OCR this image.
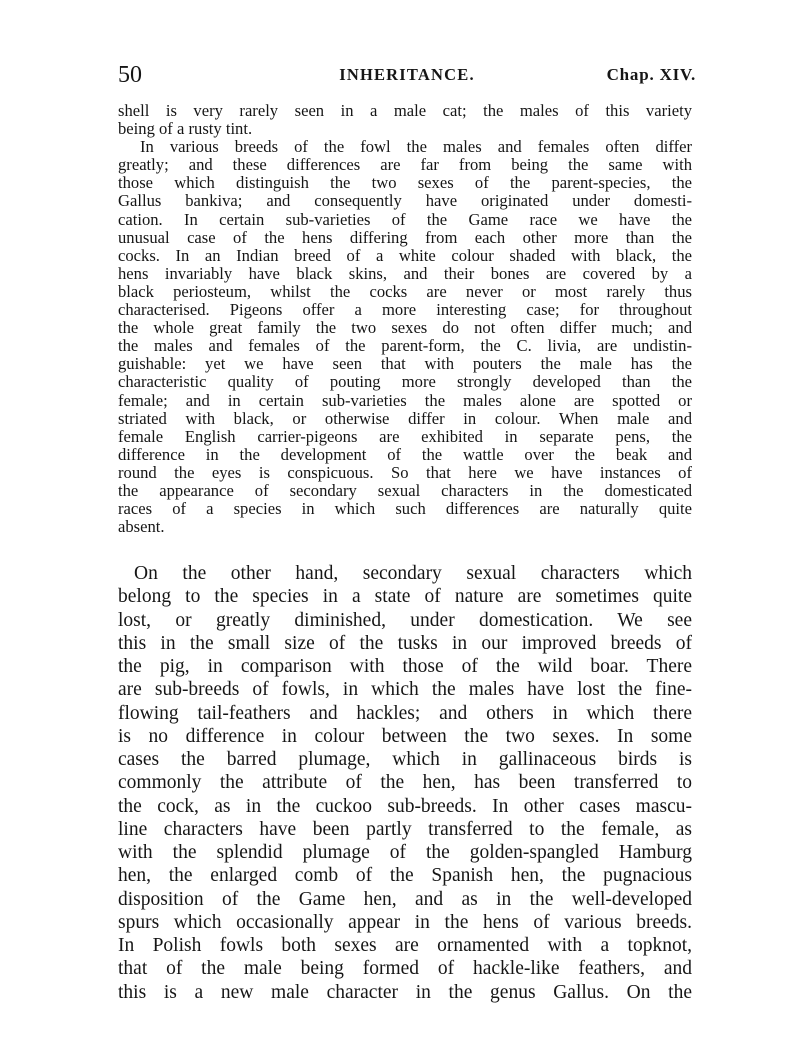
50	INHERITANCE.	Chap. XIV.
shell is very rarely seen in a male cat; the males of this variety
being of a rusty tint.
In various breeds of the fowl the males and females often differ
greatly; and these differences are far from being the same with
those which distinguish the two sexes of the parent-species, the
Gallus bankiva; and consequently have originated under domesti-
cation. In certain sub-varieties of the Game race we have the
unusual case of the hens differing from each other more than the
cocks. In an Indian breed of a white colour shaded with black, the
hens invariably have black skins, and their bones are covered by a
black periosteum, whilst the cocks are never or most rarely thus
characterised. Pigeons offer a more interesting case; for throughout
the whole great family the two sexes do not often differ much; and
the males and females of the parent-form, the C. livia, are undistin-
guishable: yet we have seen that with pouters the male has the
characteristic quality of pouting more strongly developed than the
female; and in certain sub-varieties the males alone are spotted or
striated with black, or otherwise differ in colour. When male and
female English carrier-pigeons are exhibited in separate pens, the
difference in the development of the wattle over the beak and
round the eyes is conspicuous. So that here we have instances of
the appearance of secondary sexual characters in the domesticated
races of a species in which such differences are naturally quite
absent.
On the other hand, secondary sexual characters which
belong to the species in a state of nature are sometimes quite
lost, or greatly diminished, under domestication. We see
this in the small size of the tusks in our improved breeds of
the pig, in comparison with those of the wild boar. There
are sub-breeds of fowls, in which the males have lost the fine-
flowing tail-feathers and hackles; and others in which there
is no difference in colour between the two sexes. In some
cases the barred plumage, which in gallinaceous birds is
commonly the attribute of the hen, has been transferred to
the cock, as in the cuckoo sub-breeds. In other cases mascu-
line characters have been partly transferred to the female, as
with the splendid plumage of the golden-spangled Hamburg
hen, the enlarged comb of the Spanish hen, the pugnacious
disposition of the Game hen, and as in the well-developed
spurs which occasionally appear in the hens of various breeds.
In Polish fowls both sexes are ornamented with a topknot,
that of the male being formed of hackle-like feathers, and
this is a new male character in the genus Gallus. On the
